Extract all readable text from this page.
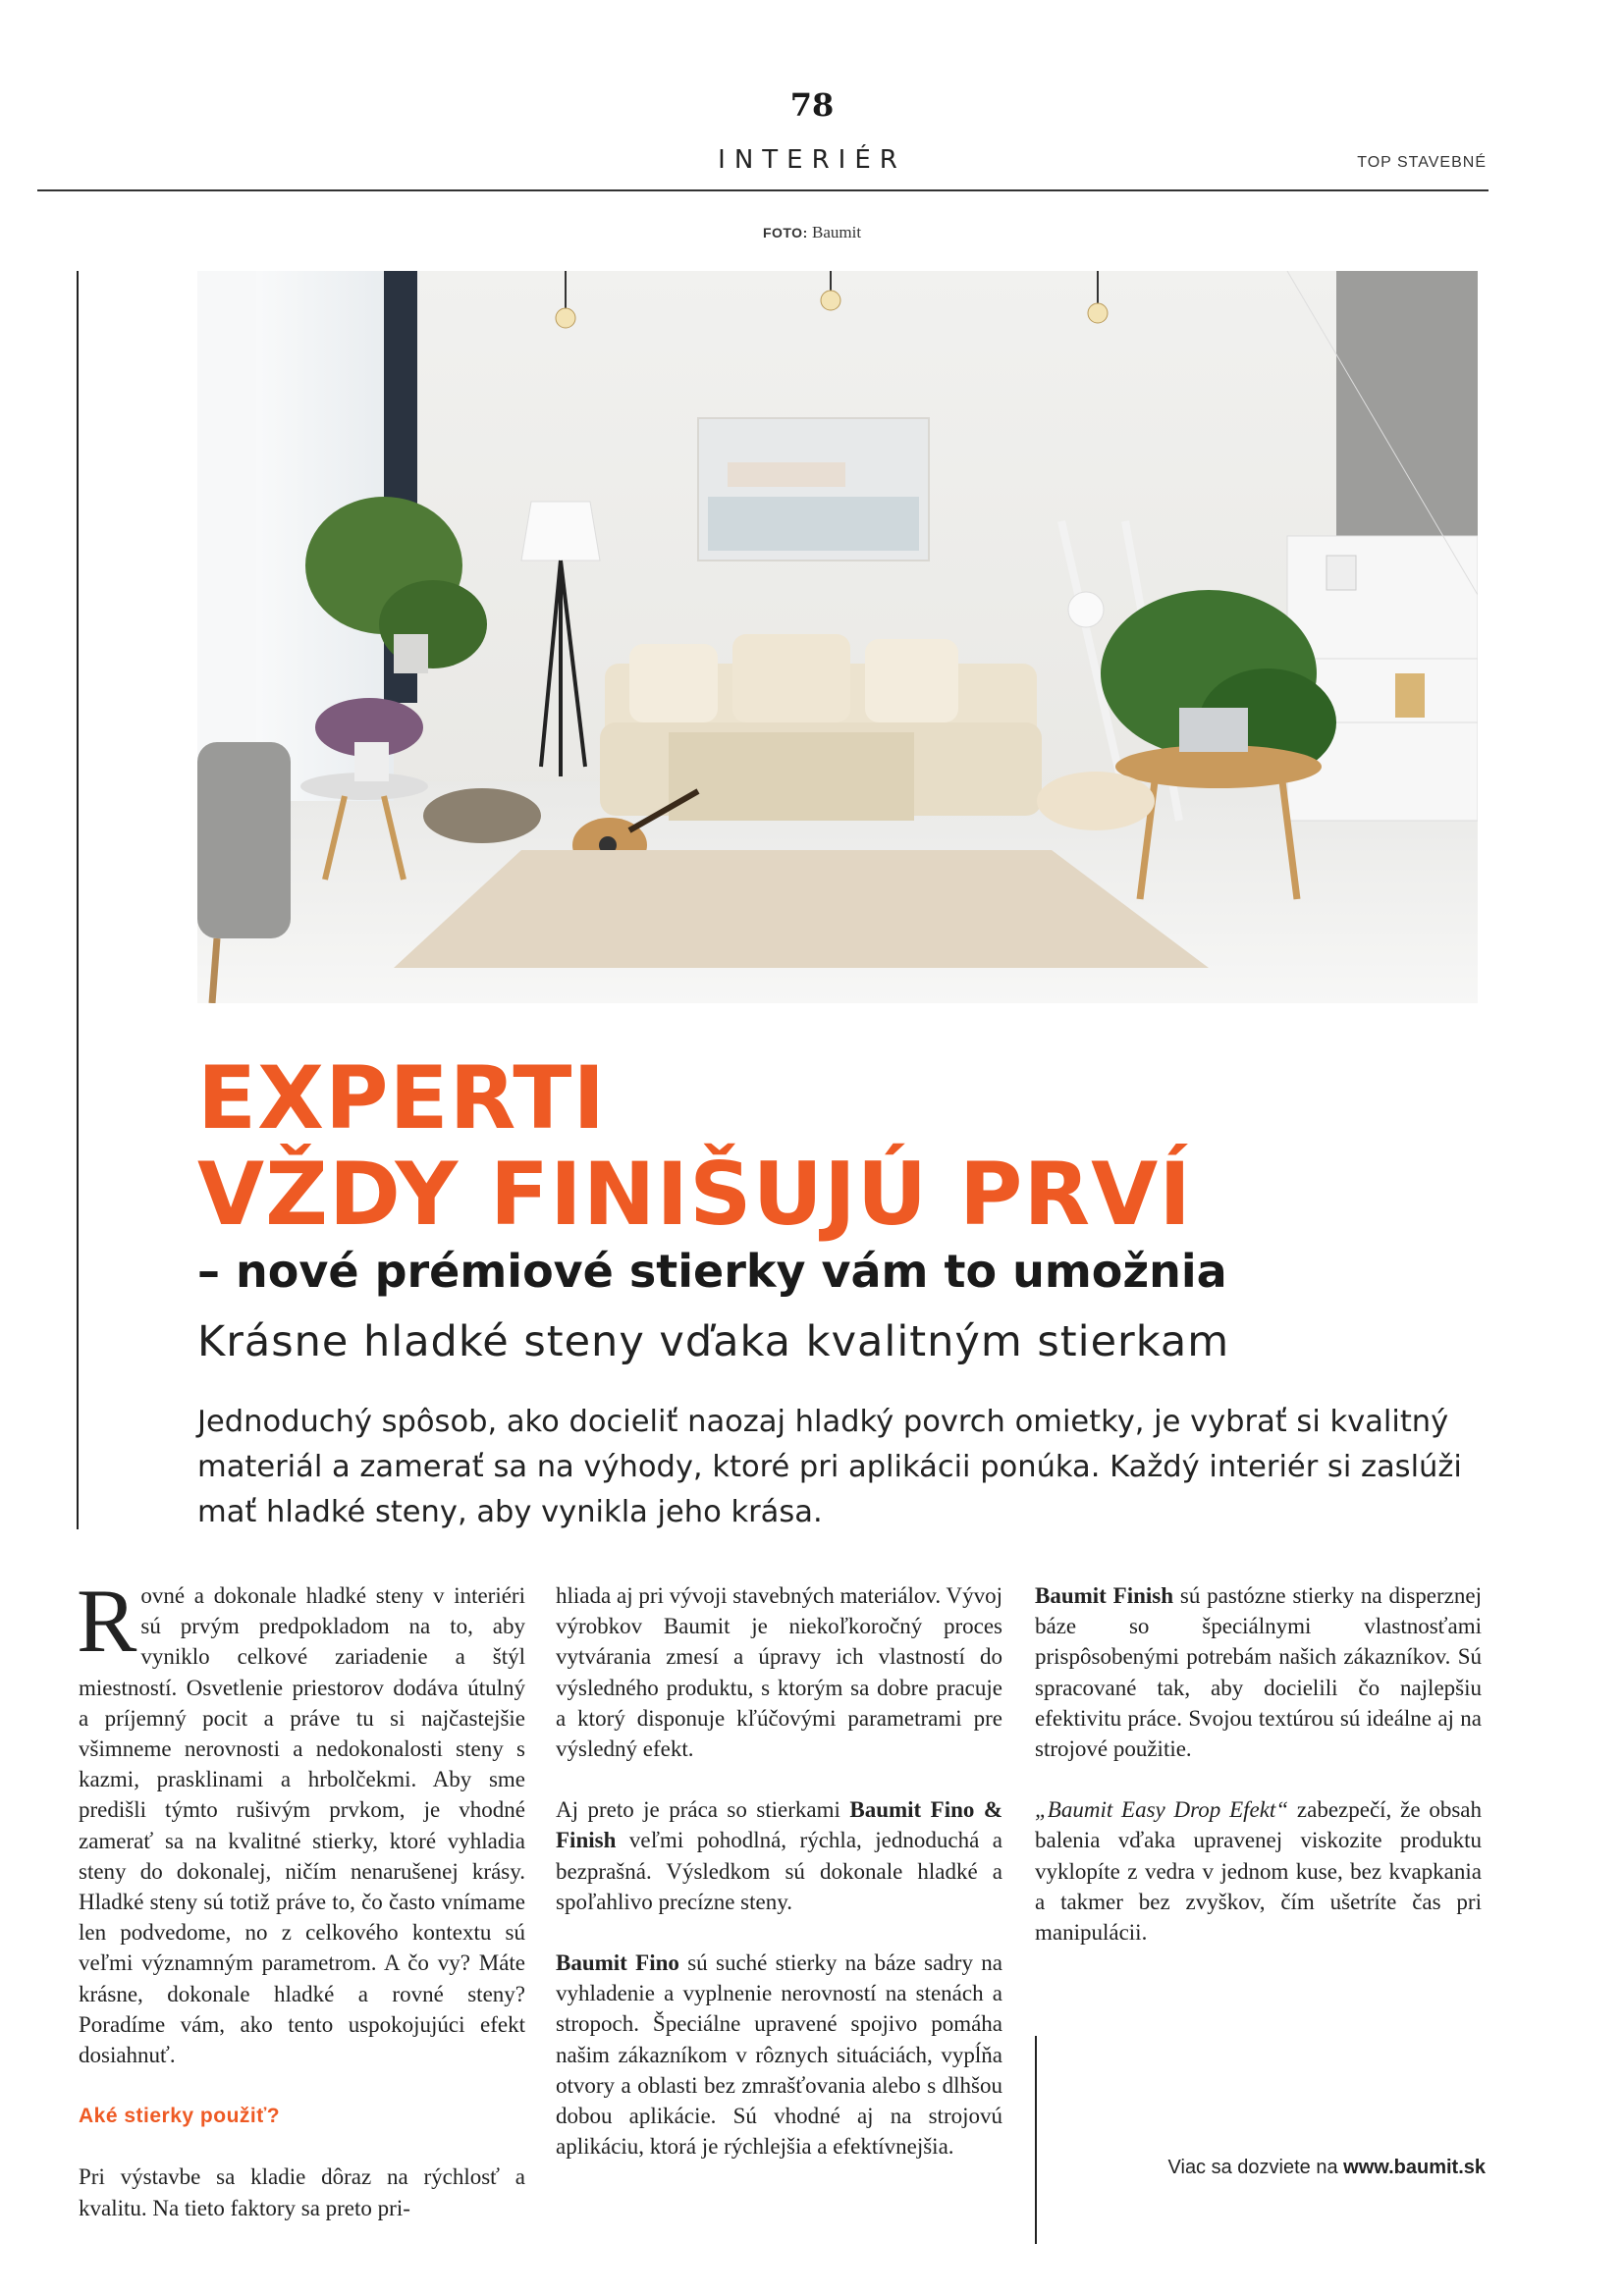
78
INTERIÉR	TOP STAVEBNÉ
FOTO: Baumit
EXPERTI
VŽDY FINIŠUJÚ PRVÍ
– nové prémiové stierky vám to umožnia
Krásne hladké steny vďaka kvalitným stierkam

Jednoduchý spôsob, ako docieliť naozaj hladký povrch omietky, je vybrať si kvalitný materiál a zamerať sa na výhody, ktoré pri aplikácii ponúka. Každý interiér si zaslúži mať hladké steny, aby vynikla jeho krása.

Rovné a dokonale hladké steny v interiéri sú prvým predpokladom na to, aby vyniklo celkové zariadenie a štýl miestností. Osvetlenie priestorov dodáva útulný a príjemný pocit a práve tu si najčastejšie všimneme nerovnosti a nedokonalosti steny s kazmi, prasklinami a hrbolčekmi. Aby sme predišli týmto rušivým prvkom, je vhodné zamerať sa na kvalitné stierky, ktoré vyhladia steny do dokonalej, ničím nenarušenej krásy. Hladké steny sú totiž práve to, čo často vnímame len podvedome, no z celkového kontextu sú veľmi významným parametrom. A čo vy? Máte krásne, dokonale hladké a rovné steny? Poradíme vám, ako tento uspokojujúci efekt dosiahnuť.

Aké stierky použiť?

Pri výstavbe sa kladie dôraz na rýchlosť a kvalitu. Na tieto faktory sa preto pri-

hliada aj pri vývoji stavebných materiálov. Vývoj výrobkov Baumit je niekoľkoročný proces vytvárania zmesí a úpravy ich vlastností do výsledného produktu, s ktorým sa dobre pracuje a ktorý disponuje kľúčovými parametrami pre výsledný efekt.

Aj preto je práca so stierkami Baumit Fino & Finish veľmi pohodlná, rýchla, jednoduchá a bezprašná. Výsledkom sú dokonale hladké a spoľahlivo precízne steny.

Baumit Fino sú suché stierky na báze sadry na vyhladenie a vyplnenie nerovností na stenách a stropoch. Špeciálne upravené spojivo pomáha našim zákazníkom v rôznych situáciách, vypĺňa otvory a oblasti bez zmrašťovania alebo s dlhšou dobou aplikácie. Sú vhodné aj na strojovú aplikáciu, ktorá je rýchlejšia a efektívnejšia.

Baumit Finish sú pastózne stierky na disperznej báze so špeciálnymi vlastnosťami prispôsobenými potrebám našich zákazníkov. Sú spracované tak, aby docielili čo najlepšiu efektivitu práce. Svojou textúrou sú ideálne aj na strojové použitie.

„Baumit Easy Drop Efekt“ zabezpečí, že obsah balenia vďaka upravenej viskozite produktu vyklopíte z vedra v jednom kuse, bez kvapkania a takmer bez zvyškov, čím ušetríte čas pri manipulácii.

Viac sa dozviete na www.baumit.sk
